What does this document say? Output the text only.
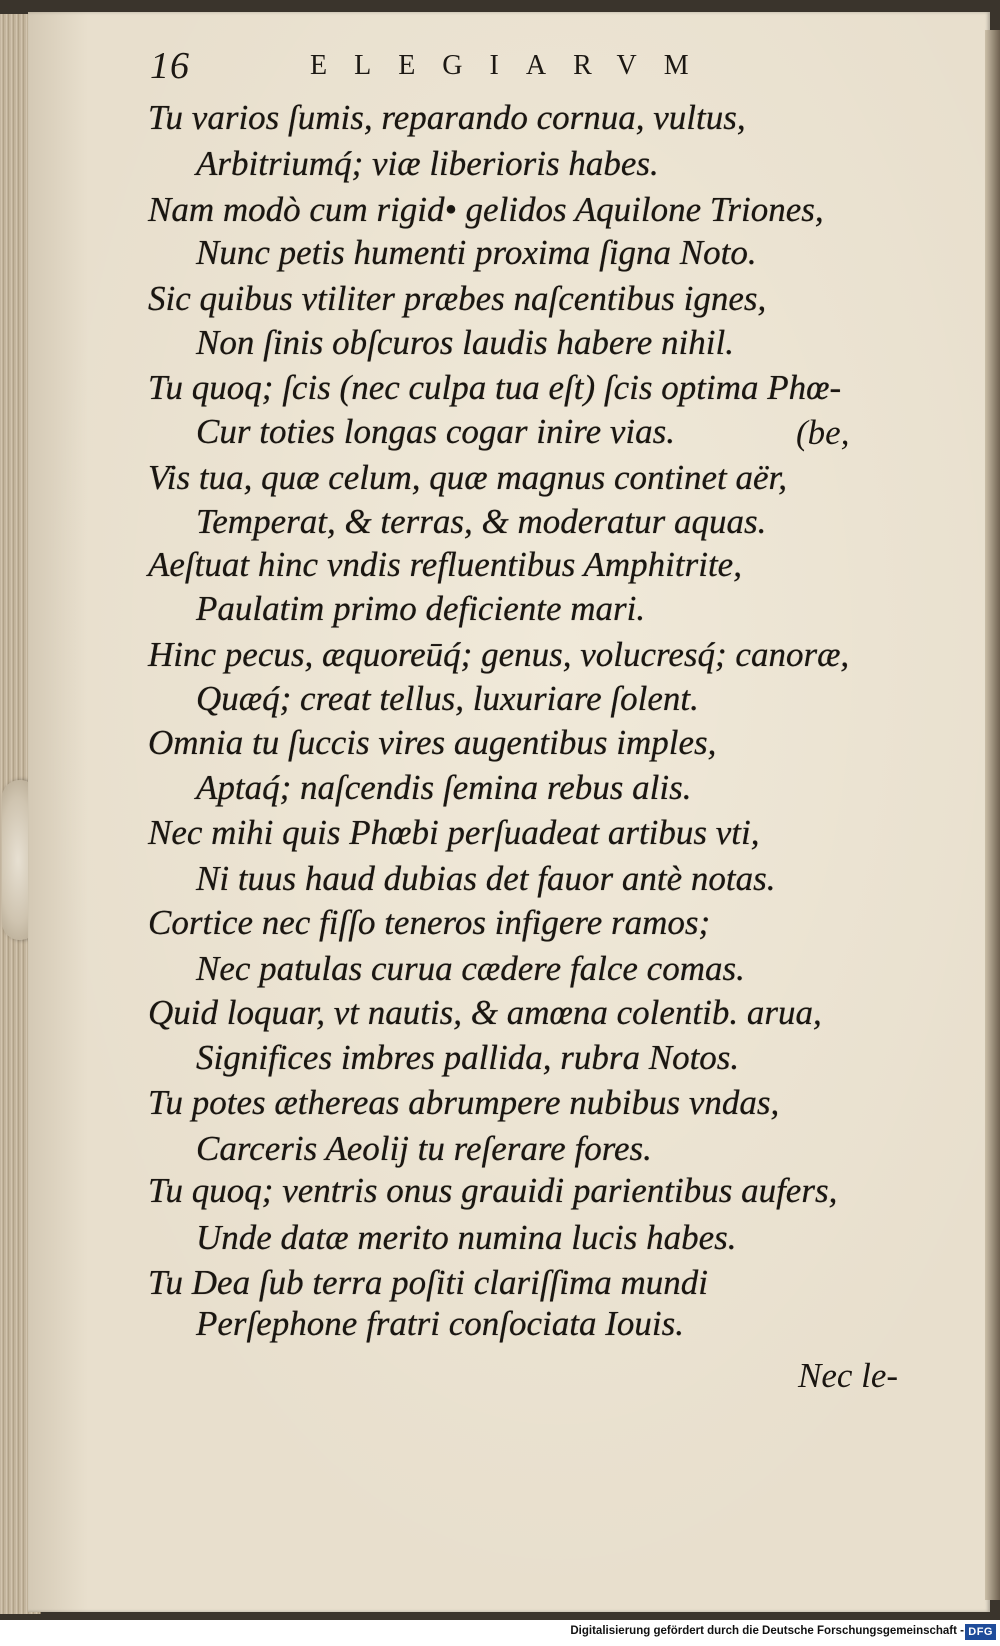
16	ELEGIARVM
Tu varios ſumis, reparando cornua, vultus,
Arbitriumq́; viæ liberioris habes.
Nam modò cum rigid• gelidos Aquilone Triones,
Nunc petis humenti proxima ſigna Noto.
Sic quibus vtiliter præbes naſcentibus ignes,
Non ſinis obſcuros laudis habere nihil.
Tu quoq; ſcis (nec culpa tua eſt) ſcis optima Phœ-
Cur toties longas cogar inire vias.
Vis tua, quæ celum, quæ magnus continet aër,
Temperat, & terras, & moderatur aquas.
Aeſtuat hinc vndis refluentibus Amphitrite,
Paulatim primo deficiente mari.
Hinc pecus, æquoreūq́; genus, volucresq́; canoræ,
Quæq́; creat tellus, luxuriare ſolent.
Omnia tu ſuccis vires augentibus imples,
Aptaq́; naſcendis ſemina rebus alis.
Nec mihi quis Phœbi perſuadeat artibus vti,
Ni tuus haud dubias det fauor antè notas.
Cortice nec fiſſo teneros infigere ramos;
Nec patulas curua cædere falce comas.
Quid loquar, vt nautis, & amœna colentib. arua,
Significes imbres pallida, rubra Notos.
Tu potes æthereas abrumpere nubibus vndas,
Carceris Aeolij tu reſerare fores.
Tu quoq; ventris onus grauidi parientibus aufers,
Unde datæ merito numina lucis habes.
Tu Dea ſub terra poſiti clariſſima mundi
Perſephone fratri conſociata Iouis.
(be,
Nec le-
Digitalisierung gefördert durch die Deutsche Forschungsgemeinschaft - DFG
